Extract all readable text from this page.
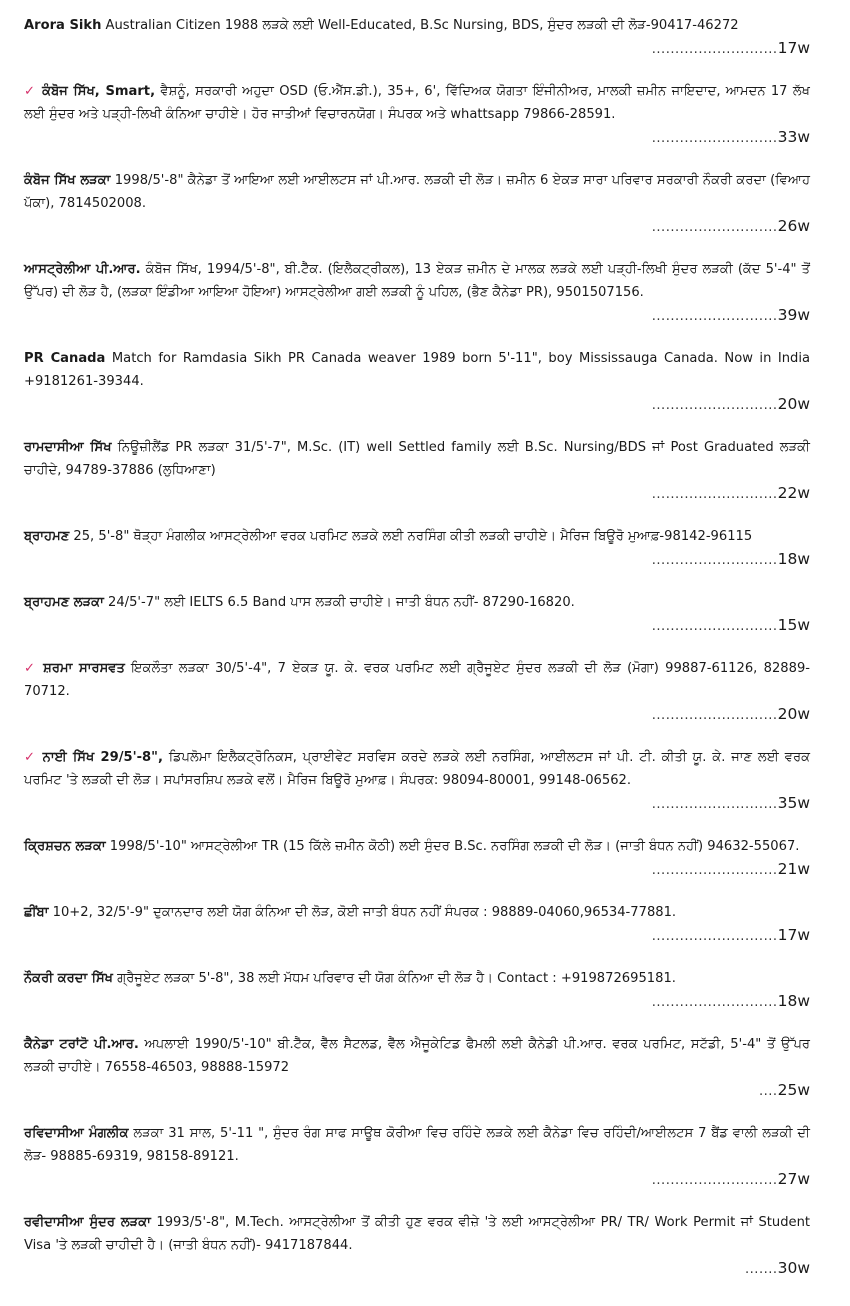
Arora Sikh Australian Citizen 1988 ਲੜਕੇ ਲਈ Well-Educated, B.Sc Nursing, BDS, ਸੁੰਦਰ ਲੜਕੀ ਦੀ ਲੋੜ-90417-46272
........................... 17w
✓ ਕੰਬੋਜ ਸਿੱਖ, Smart, ਵੈਸ਼ਨੂੰ, ਸਰਕਾਰੀ ਅਹੁਦਾ OSD (ਓ.ਐੱਸ.ਡੀ.), 35+, 6', ਵਿੱਦਿਅਕ ਯੋਗਤਾ ਇੰਜੀਨੀਅਰ, ਮਾਲਕੀ ਜ਼ਮੀਨ ਜਾਇਦਾਦ, ਆਮਦਨ 17 ਲੱਖ ਲਈ ਸੁੰਦਰ ਅਤੇ ਪੜ੍ਹੀ-ਲਿਖੀ ਕੰਨਿਆ ਚਾਹੀਏ। ਹੋਰ ਜਾਤੀਆਂ ਵਿਚਾਰਨਯੋਗ। ਸੰਪਰਕ ਅਤੇ whattsapp 79866-28591.
........................... 33w
ਕੰਬੋਜ ਸਿੱਖ ਲੜਕਾ 1998/5'-8" ਕੈਨੇਡਾ ਤੋਂ ਆਇਆ ਲਈ ਆਈਲਟਸ ਜਾਂ ਪੀ.ਆਰ. ਲੜਕੀ ਦੀ ਲੋੜ। ਜ਼ਮੀਨ 6 ਏਕੜ ਸਾਰਾ ਪਰਿਵਾਰ ਸਰਕਾਰੀ ਨੌਕਰੀ ਕਰਦਾ (ਵਿਆਹ ਪੱਕਾ), 7814502008.
........................... 26w
ਆਸਟ੍ਰੇਲੀਆ ਪੀ.ਆਰ. ਕੰਬੋਜ ਸਿੱਖ, 1994/5'-8", ਬੀ.ਟੈੱਕ. (ਇਲੈਕਟ੍ਰੀਕਲ), 13 ਏਕੜ ਜ਼ਮੀਨ ਦੇ ਮਾਲਕ ਲੜਕੇ ਲਈ ਪੜ੍ਹੀ-ਲਿਖੀ ਸੁੰਦਰ ਲੜਕੀ (ਕੱਦ 5'-4" ਤੋਂ ਉੱਪਰ) ਦੀ ਲੋੜ ਹੈ, (ਲੜਕਾ ਇੰਡੀਆ ਆਇਆ ਹੋਇਆ) ਆਸਟ੍ਰੇਲੀਆ ਗਈ ਲੜਕੀ ਨੂੰ ਪਹਿਲ, (ਭੈਣ ਕੈਨੇਡਾ PR), 9501507156.
........................... 39w
PR Canada Match for Ramdasia Sikh PR Canada weaver 1989 born 5'-11", boy Mississauga Canada. Now in India +9181261-39344.
........................... 20w
ਰਾਮਦਾਸੀਆ ਸਿੱਖ ਨਿਊਜ਼ੀਲੈਂਡ PR ਲੜਕਾ 31/5'-7", M.Sc. (IT) well Settled family ਲਈ B.Sc. Nursing/BDS ਜਾਂ Post Graduated ਲੜਕੀ ਚਾਹੀਦੇ, 94789-37886 (ਲੁਧਿਆਣਾ)
........................... 22w
ਬ੍ਰਾਹਮਣ 25, 5'-8" ਥੋੜ੍ਹਾ ਮੰਗਲੀਕ ਆਸਟ੍ਰੇਲੀਆ ਵਰਕ ਪਰਮਿਟ ਲੜਕੇ ਲਈ ਨਰਸਿੰਗ ਕੀਤੀ ਲੜਕੀ ਚਾਹੀਏ। ਮੈਰਿਜ ਬਿਊਰੋ ਮੁਆਫ਼-98142-96115
........................... 18w
ਬ੍ਰਾਹਮਣ ਲੜਕਾ 24/5'-7" ਲਈ IELTS 6.5 Band ਪਾਸ ਲੜਕੀ ਚਾਹੀਏ। ਜਾਤੀ ਬੰਧਨ ਨਹੀਂ- 87290-16820.
........................... 15w
✓ ਸ਼ਰਮਾ ਸਾਰਸਵਤ ਇਕਲੌਤਾ ਲੜਕਾ 30/5'-4", 7 ਏਕੜ ਯੂ. ਕੇ. ਵਰਕ ਪਰਮਿਟ ਲਈ ਗ੍ਰੈਜੂਏਟ ਸੁੰਦਰ ਲੜਕੀ ਦੀ ਲੋੜ (ਮੋਗਾ) 99887-61126, 82889-70712.
........................... 20w
✓ ਨਾਈ ਸਿੱਖ 29/5'-8", ਡਿਪਲੋਮਾ ਇਲੈਕਟ੍ਰੋਨਿਕਸ, ਪ੍ਰਾਈਵੇਟ ਸਰਵਿਸ ਕਰਦੇ ਲੜਕੇ ਲਈ ਨਰਸਿੰਗ, ਆਈਲਟਸ ਜਾਂ ਪੀ. ਟੀ. ਕੀਤੀ ਯੂ. ਕੇ. ਜਾਣ ਲਈ ਵਰਕ ਪਰਮਿਟ 'ਤੇ ਲੜਕੀ ਦੀ ਲੋੜ। ਸਪਾਂਸਰਸ਼ਿਪ ਲੜਕੇ ਵਲੋਂ। ਮੈਰਿਜ ਬਿਊਰੋ ਮੁਆਫ਼। ਸੰਪਰਕ: 98094-80001, 99148-06562.
........................... 35w
ਕ੍ਰਿਸ਼ਚਨ ਲੜਕਾ 1998/5'-10" ਆਸਟ੍ਰੇਲੀਆ TR (15 ਕਿੱਲੇ ਜ਼ਮੀਨ ਕੋਠੀ) ਲਈ ਸੁੰਦਰ B.Sc. ਨਰਸਿੰਗ ਲੜਕੀ ਦੀ ਲੋੜ। (ਜਾਤੀ ਬੰਧਨ ਨਹੀਂ) 94632-55067.
........................... 21w
ਛੀਂਬਾ 10+2, 32/5'-9" ਦੁਕਾਨਦਾਰ ਲਈ ਯੋਗ ਕੰਨਿਆ ਦੀ ਲੋੜ, ਕੋਈ ਜਾਤੀ ਬੰਧਨ ਨਹੀਂ ਸੰਪਰਕ : 98889-04060,96534-77881.
........................... 17w
ਨੌਕਰੀ ਕਰਦਾ ਸਿੱਖ ਗ੍ਰੈਜੂਏਟ ਲੜਕਾ 5'-8", 38 ਲਈ ਮੱਧਮ ਪਰਿਵਾਰ ਦੀ ਯੋਗ ਕੰਨਿਆ ਦੀ ਲੋੜ ਹੈ। Contact : +919872695181.
........................... 18w
ਕੈਨੇਡਾ ਟਰਾਂਟੋ ਪੀ.ਆਰ. ਅਪਲਾਈ 1990/5'-10" ਬੀ.ਟੈੱਕ, ਵੈੱਲ ਸੈਟਲਡ, ਵੈੱਲ ਐਜੂਕੇਟਿਡ ਫੈਮਲੀ ਲਈ ਕੈਨੇਡੀ ਪੀ.ਆਰ. ਵਰਕ ਪਰਮਿਟ, ਸਟੱਡੀ, 5'-4" ਤੋਂ ਉੱਪਰ ਲੜਕੀ ਚਾਹੀਏ। 76558-46503, 98888-15972
.... 25w
ਰਵਿਦਾਸੀਆ ਮੰਗਲੀਕ ਲੜਕਾ 31 ਸਾਲ, 5'-11 ", ਸੁੰਦਰ ਰੰਗ ਸਾਫ ਸਾਊਥ ਕੋਰੀਆ ਵਿਚ ਰਹਿੰਦੇ ਲੜਕੇ ਲਈ ਕੈਨੇਡਾ ਵਿਚ ਰਹਿੰਦੀ/ਆਈਲਟਸ 7 ਬੈਂਡ ਵਾਲੀ ਲੜਕੀ ਦੀ ਲੋੜ- 98885-69319, 98158-89121.
........................... 27w
ਰਵੀਦਾਸੀਆ ਸੁੰਦਰ ਲੜਕਾ 1993/5'-8", M.Tech. ਆਸਟ੍ਰੇਲੀਆ ਤੋਂ ਕੀਤੀ ਹੁਣ ਵਰਕ ਵੀਜ਼ੇ 'ਤੇ ਲਈ ਆਸਟ੍ਰੇਲੀਆ PR/ TR/ Work Permit ਜਾਂ Student Visa 'ਤੇ ਲੜਕੀ ਚਾਹੀਦੀ ਹੈ। (ਜਾਤੀ ਬੰਧਨ ਨਹੀਂ)- 9417187844.
....... 30w
